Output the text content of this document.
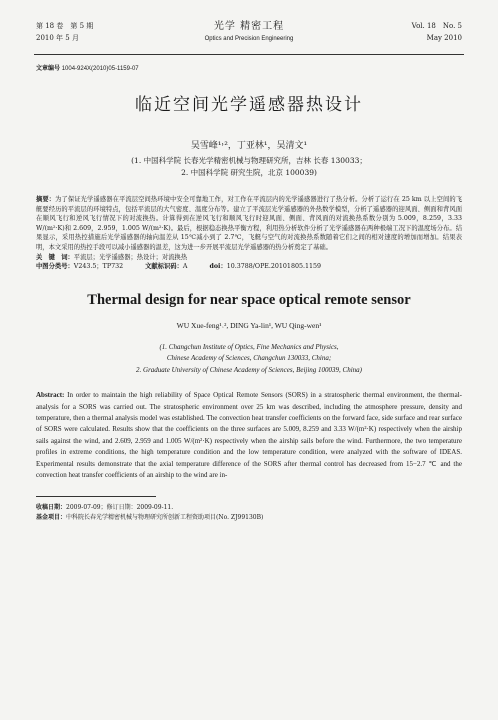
第 18 卷　第 5 期
2010 年 5 月
光学 精密工程
Optics and Precision Engineering
Vol. 18　No. 5
May 2010
文章编号 1004-924X(2010)05-1159-07
临近空间光学遥感器热设计
吴雪峰¹˒²，丁亚林¹，吴清文¹
(1. 中国科学院 长春光学精密机械与物理研究所，吉林 长春 130033；
2. 中国科学院 研究生院，北京 100039)
摘要：为了保证光学遥感器在平流层空间热环境中安全可靠地工作，对工作在平流层内的光学遥感器进行了热分析。分析了运行在 25 km 以上空间的飞艇要经历的平流层的环境特点，包括平流层的大气密度、温度分布等。建立了平流层光学遥感器的外热数学模型，分析了遥感器的迎风面、侧面和背风面在顺风飞行和逆风飞行情况下的对流换热。计算得到在逆风飞行和顺风飞行时迎风面、侧面、背风面的对流换热系数分别为 5.009，8.259，3.33 W/(m²·K)和 2.609，2.959，1.005 W/(m²·K)。最后，根据稳态换热平衡方程，利用热分析软件分析了光学遥感器在两种极端工况下的温度场分布。结果显示，采用热控措施后光学遥感器的轴向温差从 15℃减小到了 2.7℃，飞艇与空气的对流换热系数随着它们之间的相对速度的增加而增加。结果表明，本文采用的热控手段可以减小遥感器的温差，这为进一步开展平流层光学遥感器的热分析奠定了基础。
关　键　词：平流层；光学遥感器；热设计；对流换热
中图分类号：V243.5；TP732	文献标识码：A	doi：10.3788/OPE.20101805.1159
Thermal design for near space optical remote sensor
WU Xue-feng¹˒², DING Ya-lin¹, WU Qing-wen¹
(1. Changchun Institute of Optics, Fine Mechanics and Physics,
Chinese Academy of Sciences, Changchun 130033, China;
2. Graduate University of Chinese Academy of Sciences, Beijing 100039, China)
Abstract: In order to maintain the high reliability of Space Optical Remote Sensors (SORS) in a stratospheric thermal environment, the thermal-analysis for a SORS was carried out. The stratospheric environment over 25 km was described, including the atmosphere pressure, density and temperature, then a thermal analysis model was established. The convection heat transfer coefficients on the forward face, side surface and rear surface of SORS were calculated. Results show that the coefficients on the three surfaces are 5.009, 8.259 and 3.33 W/(m²·K) respectively when the airship sails against the wind, and 2.609, 2.959 and 1.005 W/(m²·K) respectively when the airship sails before the wind. Furthermore, the two temperature profiles in extreme conditions, the high temperature condition and the low temperature condition, were analyzed with the software of IDEAS. Experimental results demonstrate that the axial temperature difference of the SORS after thermal control has decreased from 15−2.7 ℃ and the convection heat transfer coefficients of an airship to the wind are in-
收稿日期：2009-07-09；修订日期：2009-09-11.
基金项目：中科院长春光学精密机械与物理研究所创新工程资助项目(No. ZJ99130B)
